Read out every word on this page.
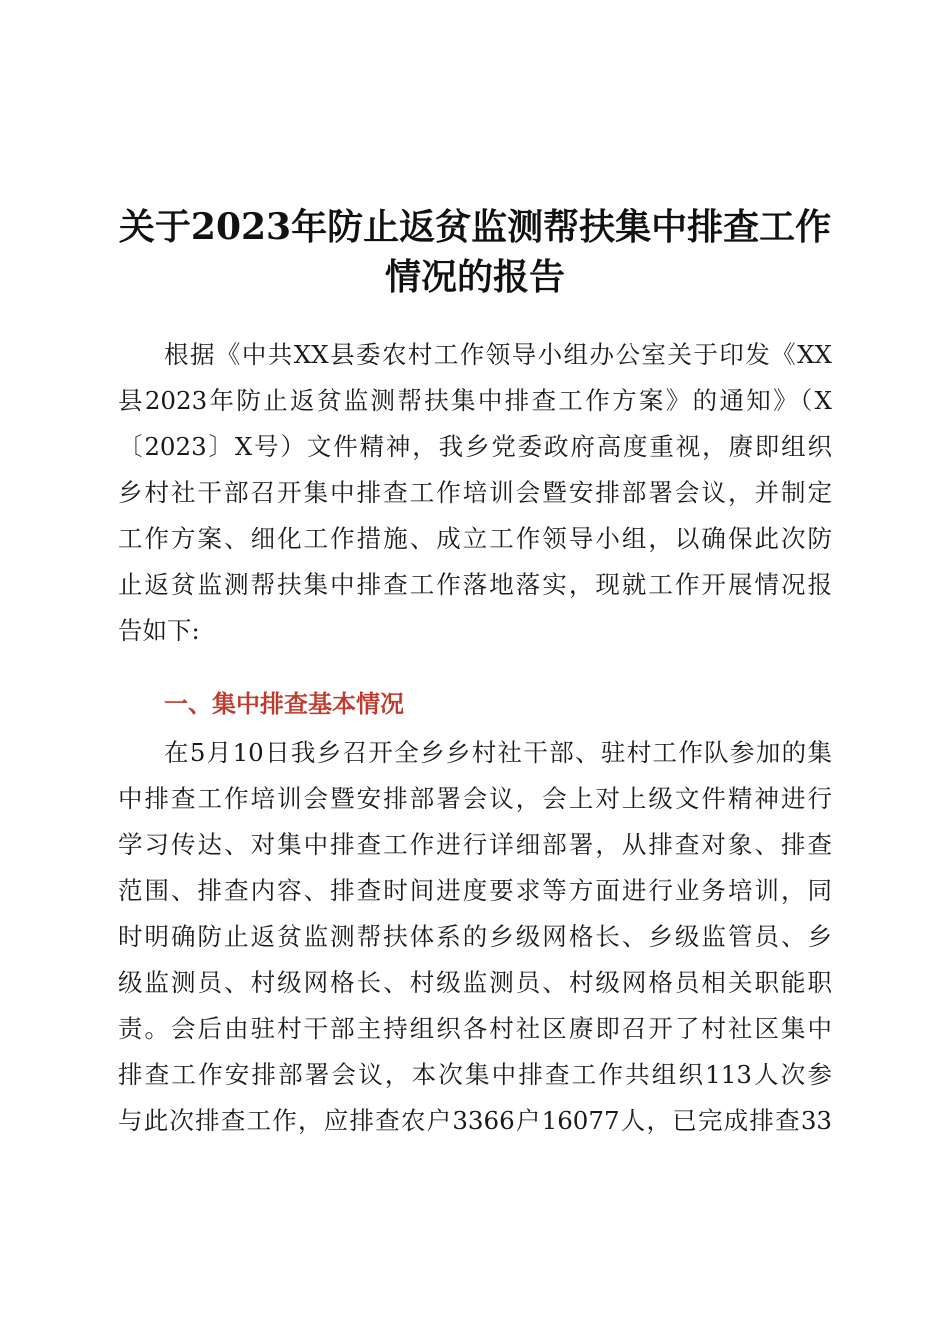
关于2023年防止返贫监测帮扶集中排查工作
情况的报告
根据《中共XX县委农村工作领导小组办公室关于印发《XX
县2023年防止返贫监测帮扶集中排查工作方案》的通知》（X
〔2023〕X号）文件精神，我乡党委政府高度重视，赓即组织
乡村社干部召开集中排查工作培训会暨安排部署会议，并制定
工作方案、细化工作措施、成立工作领导小组，以确保此次防
止返贫监测帮扶集中排查工作落地落实，现就工作开展情况报
告如下:
一、集中排查基本情况
在5月10日我乡召开全乡乡村社干部、驻村工作队参加的集
中排查工作培训会暨安排部署会议，会上对上级文件精神进行
学习传达、对集中排查工作进行详细部署，从排查对象、排查
范围、排查内容、排查时间进度要求等方面进行业务培训，同
时明确防止返贫监测帮扶体系的乡级网格长、乡级监管员、乡
级监测员、村级网格长、村级监测员、村级网格员相关职能职
责。会后由驻村干部主持组织各村社区赓即召开了村社区集中
排查工作安排部署会议，本次集中排查工作共组织113人次参
与此次排查工作，应排查农户3366户16077人，已完成排查33
